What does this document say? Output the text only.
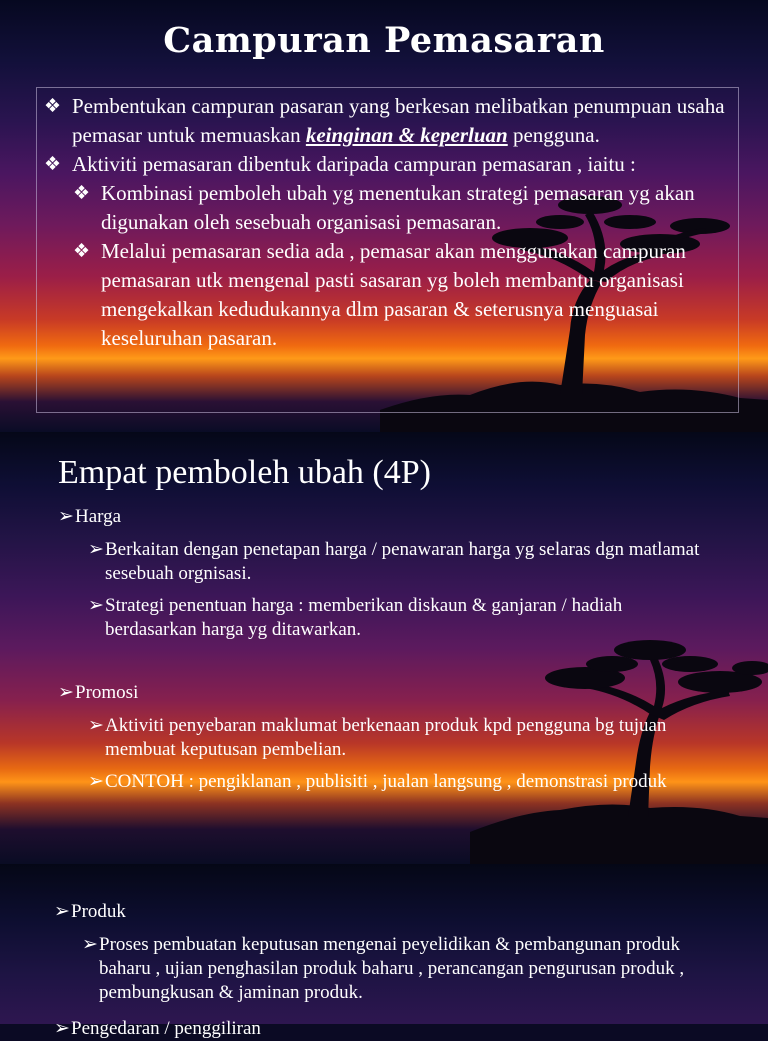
Campuran Pemasaran
❖ Pembentukan campuran pasaran yang berkesan melibatkan penumpuan usaha pemasar untuk memuaskan keinginan & keperluan pengguna.
❖ Aktiviti pemasaran dibentuk daripada campuran pemasaran , iaitu :
❖ Kombinasi pemboleh ubah yg menentukan strategi pemasaran yg akan digunakan oleh sesebuah organisasi pemasaran.
❖ Melalui pemasaran sedia ada , pemasar akan menggunakan campuran pemasaran utk mengenal pasti sasaran yg boleh membantu organisasi mengekalkan kedudukannya dlm pasaran & seterusnya menguasai keseluruhan pasaran.
Empat pemboleh ubah (4P)
➢ Harga
➢ Berkaitan dengan penetapan harga / penawaran harga yg selaras dgn matlamat sesebuah orgnisasi.
➢ Strategi penentuan harga : memberikan diskaun & ganjaran / hadiah berdasarkan harga yg ditawarkan.
➢ Promosi
➢ Aktiviti penyebaran maklumat berkenaan produk kpd pengguna bg tujuan membuat keputusan pembelian.
➢ CONTOH : pengiklanan , publisiti , jualan langsung , demonstrasi produk
➢ Produk
➢ Proses pembuatan keputusan mengenai peyelidikan & pembangunan produk baharu , ujian penghasilan produk baharu , perancangan pengurusan produk , pembungkusan & jaminan produk.
➢ Pengedaran / penggiliran
